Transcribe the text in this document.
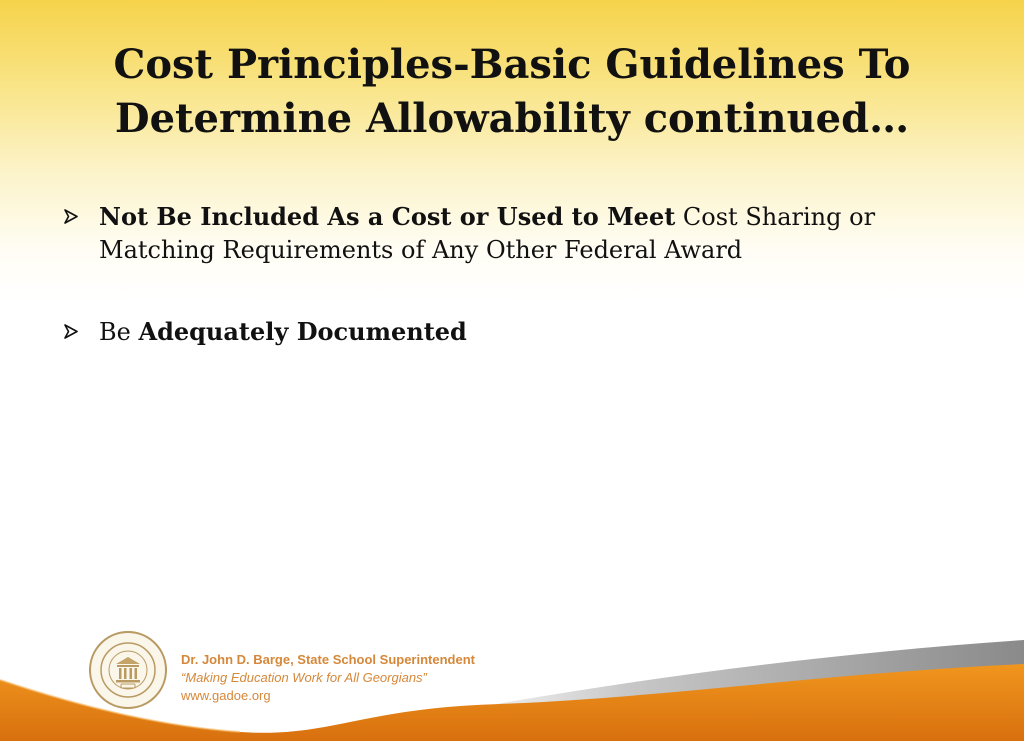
Cost Principles-Basic Guidelines To Determine Allowability continued…
Not Be Included As a Cost or Used to Meet Cost Sharing or Matching Requirements of Any Other Federal Award
Be Adequately Documented
Dr. John D. Barge, State School Superintendent
“Making Education Work for All Georgians”
www.gadoe.org
